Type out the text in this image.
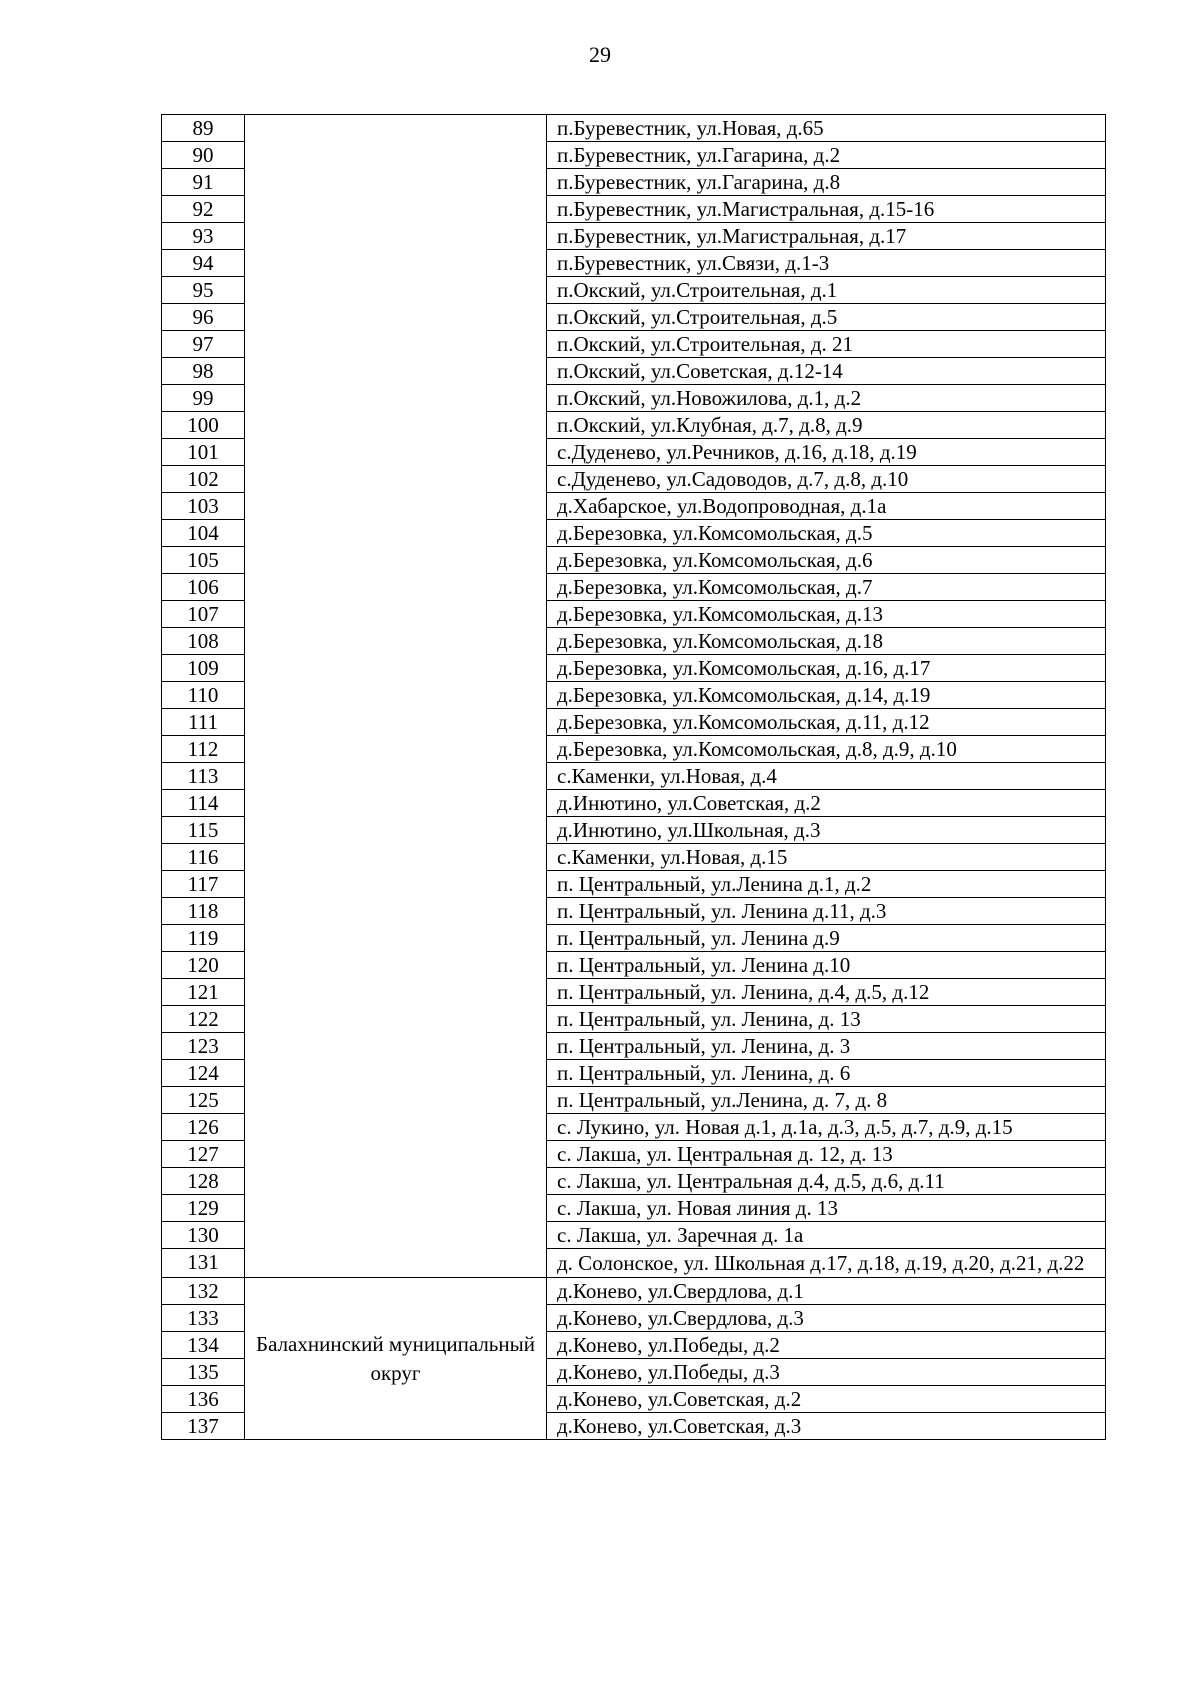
29
89		п.Буревестник, ул.Новая, д.65
90		п.Буревестник, ул.Гагарина, д.2
91		п.Буревестник, ул.Гагарина, д.8
92		п.Буревестник, ул.Магистральная, д.15-16
93		п.Буревестник, ул.Магистральная, д.17
94		п.Буревестник, ул.Связи, д.1-3
95		п.Окский, ул.Строительная, д.1
96		п.Окский, ул.Строительная, д.5
97		п.Окский, ул.Строительная, д. 21
98		п.Окский, ул.Советская, д.12-14
99		п.Окский, ул.Новожилова, д.1, д.2
100		п.Окский, ул.Клубная, д.7, д.8, д.9
101		с.Дуденево, ул.Речников, д.16, д.18, д.19
102		с.Дуденево, ул.Садоводов, д.7, д.8, д.10
103		д.Хабарское, ул.Водопроводная, д.1а
104		д.Березовка, ул.Комсомольская, д.5
105		д.Березовка, ул.Комсомольская, д.6
106		д.Березовка, ул.Комсомольская, д.7
107		д.Березовка, ул.Комсомольская, д.13
108		д.Березовка, ул.Комсомольская, д.18
109		д.Березовка, ул.Комсомольская, д.16, д.17
110		д.Березовка, ул.Комсомольская, д.14, д.19
111		д.Березовка, ул.Комсомольская, д.11, д.12
112		д.Березовка, ул.Комсомольская, д.8, д.9, д.10
113		с.Каменки, ул.Новая, д.4
114		д.Инютино, ул.Советская, д.2
115		д.Инютино, ул.Школьная, д.3
116		с.Каменки, ул.Новая, д.15
117		п. Центральный, ул.Ленина д.1, д.2
118		п. Центральный, ул. Ленина д.11, д.3
119		п. Центральный, ул. Ленина д.9
120		п. Центральный, ул. Ленина д.10
121		п. Центральный, ул. Ленина, д.4, д.5, д.12
122		п. Центральный, ул. Ленина, д. 13
123		п. Центральный, ул. Ленина, д. 3
124		п. Центральный, ул. Ленина, д. 6
125		п. Центральный, ул.Ленина, д. 7, д. 8
126		с. Лукино, ул. Новая д.1, д.1а, д.3, д.5, д.7, д.9, д.15
127		с. Лакша, ул. Центральная д. 12, д. 13
128		с. Лакша, ул. Центральная д.4, д.5, д.6, д.11
129		с. Лакша, ул. Новая линия д. 13
130		с. Лакша, ул. Заречная д. 1а
131		д. Солонское, ул. Школьная д.17, д.18, д.19, д.20, д.21, д.22
132	Балахнинский муниципальный округ	д.Конево, ул.Свердлова, д.1
133		д.Конево, ул.Свердлова, д.3
134		д.Конево, ул.Победы, д.2
135		д.Конево, ул.Победы, д.3
136		д.Конево, ул.Советская, д.2
137		д.Конево, ул.Советская, д.3
